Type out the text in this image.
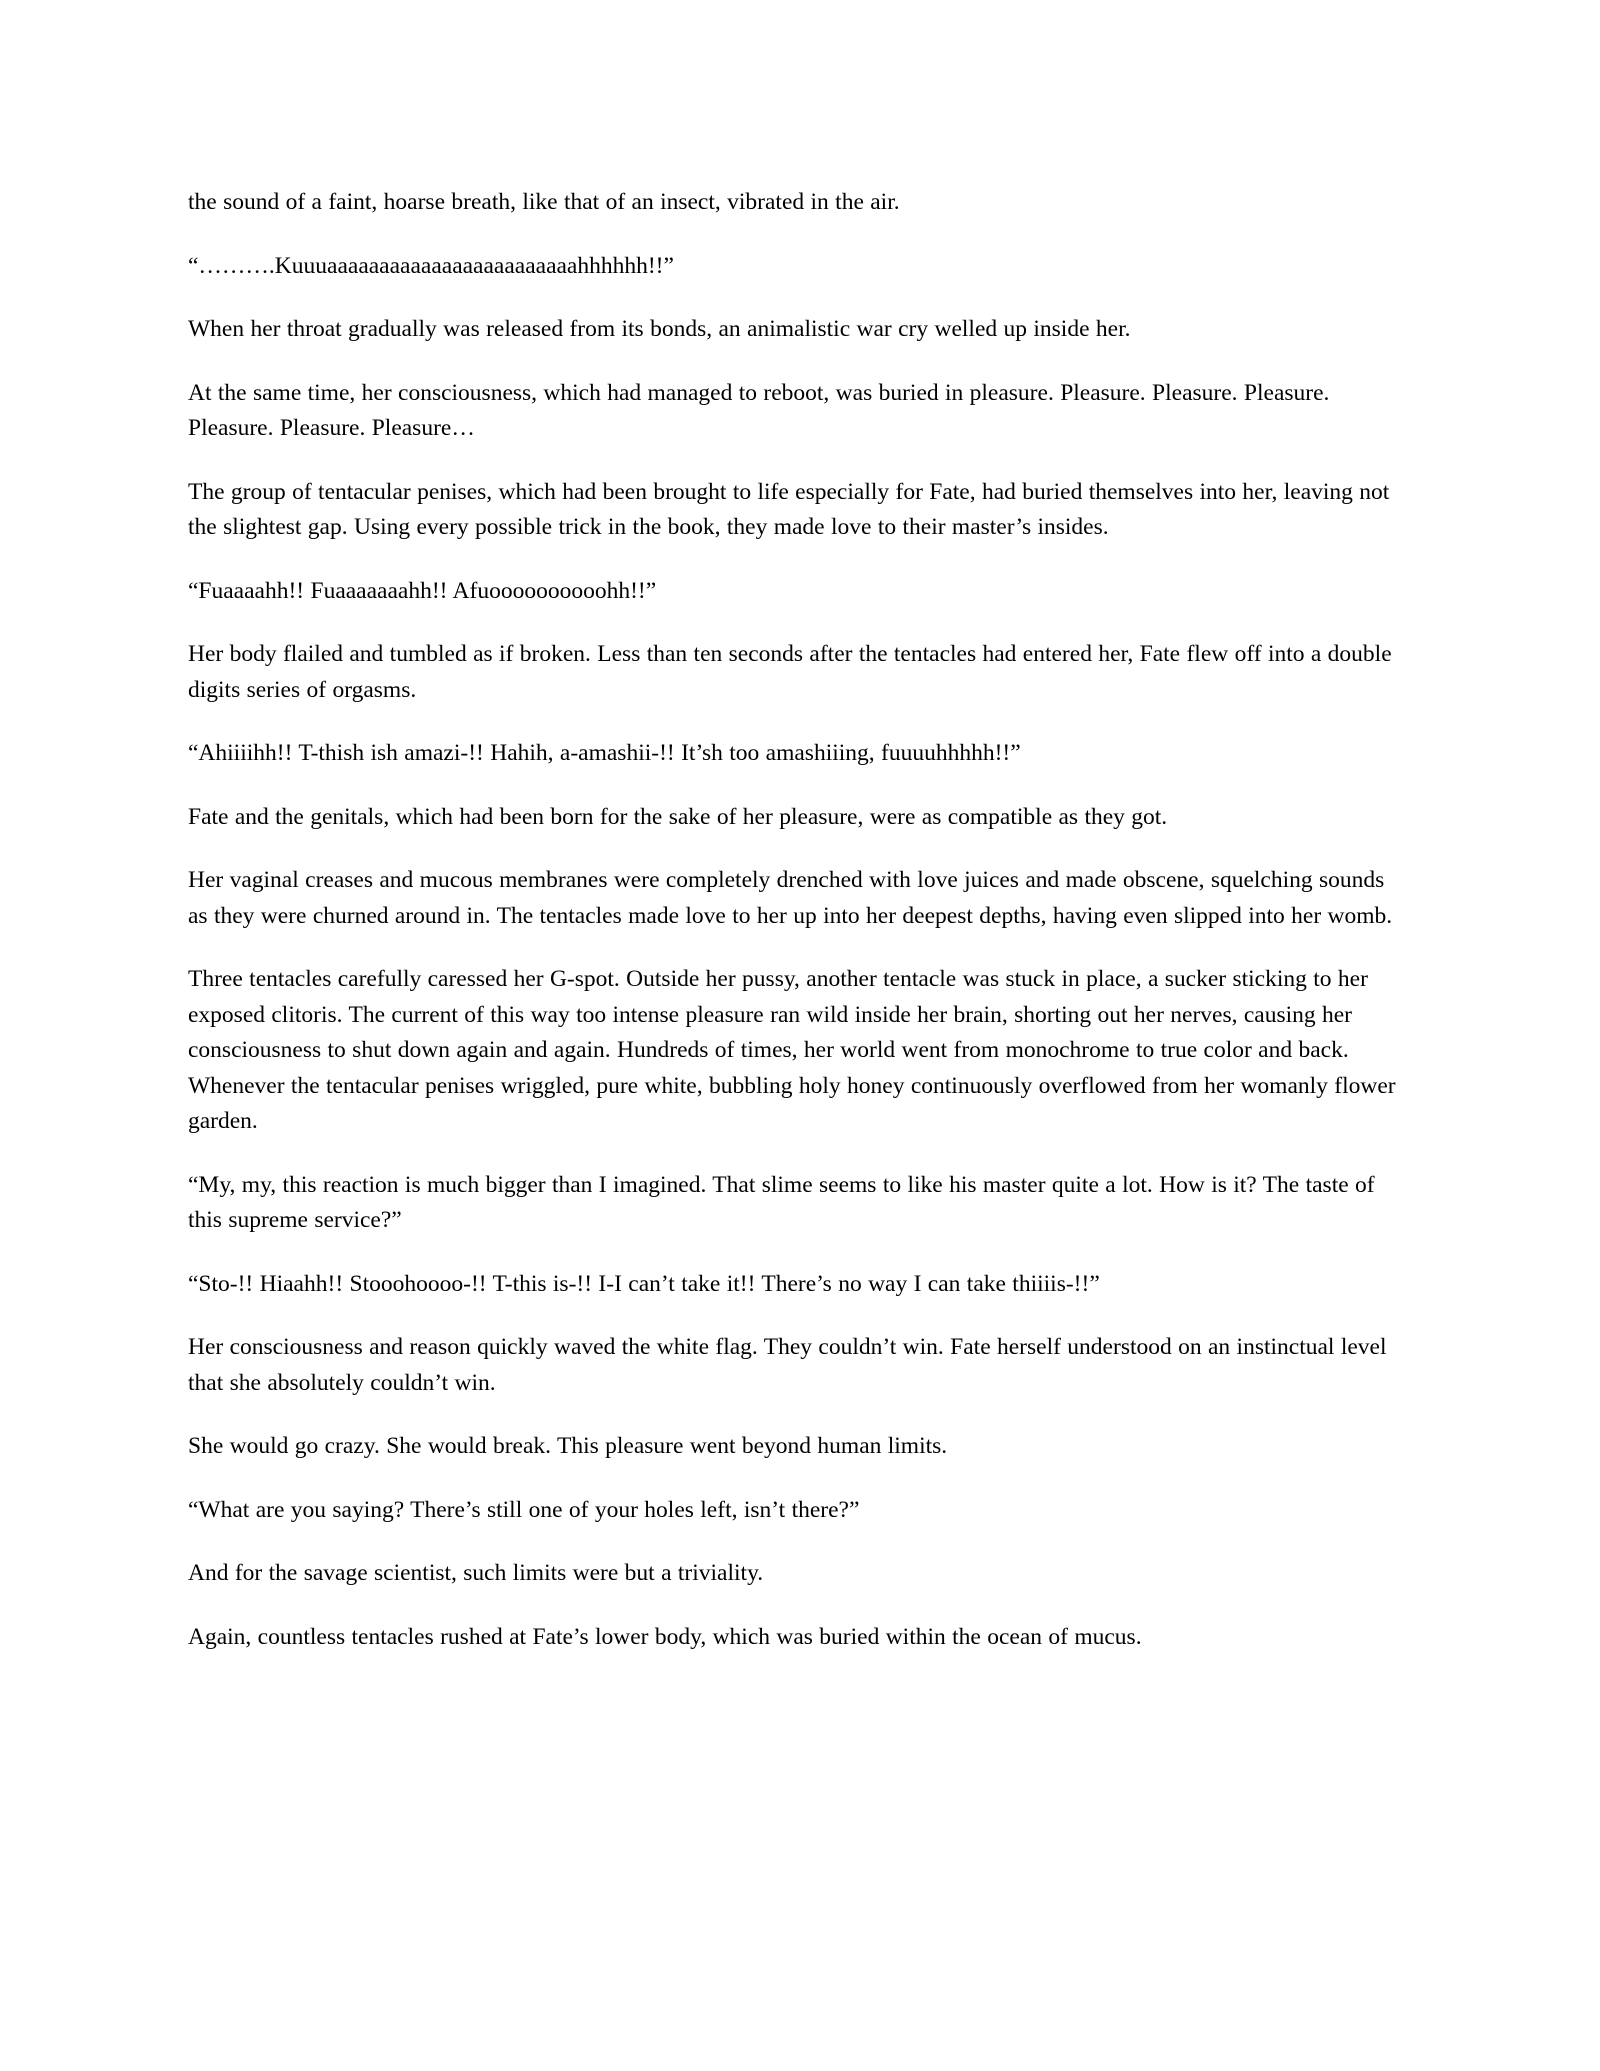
the sound of a faint, hoarse breath, like that of an insect, vibrated in the air.

“……….Kuuuaaaaaaaaaaaaaaaaaaaaaaaahhhhhh!!”

When her throat gradually was released from its bonds, an animalistic war cry welled up inside her.

At the same time, her consciousness, which had managed to reboot, was buried in pleasure. Pleasure. Pleasure. Pleasure. Pleasure. Pleasure. Pleasure…

The group of tentacular penises, which had been brought to life especially for Fate, had buried themselves into her, leaving not the slightest gap. Using every possible trick in the book, they made love to their master’s insides.

“Fuaaaahh!! Fuaaaaaaahh!! Afuoooooooooohh!!”

Her body flailed and tumbled as if broken. Less than ten seconds after the tentacles had entered her, Fate flew off into a double digits series of orgasms.

“Ahiiiihh!! T-thish ish amazi-!! Hahih, a-amashii-!! It’sh too amashiiing, fuuuuhhhhh!!”

Fate and the genitals, which had been born for the sake of her pleasure, were as compatible as they got.

Her vaginal creases and mucous membranes were completely drenched with love juices and made obscene, squelching sounds as they were churned around in. The tentacles made love to her up into her deepest depths, having even slipped into her womb.

Three tentacles carefully caressed her G-spot. Outside her pussy, another tentacle was stuck in place, a sucker sticking to her exposed clitoris. The current of this way too intense pleasure ran wild inside her brain, shorting out her nerves, causing her consciousness to shut down again and again. Hundreds of times, her world went from monochrome to true color and back. Whenever the tentacular penises wriggled, pure white, bubbling holy honey continuously overflowed from her womanly flower garden.

“My, my, this reaction is much bigger than I imagined. That slime seems to like his master quite a lot. How is it? The taste of this supreme service?”

“Sto-!! Hiaahh!! Stooohoooo-!! T-this is-!! I-I can’t take it!! There’s no way I can take thiiiis-!!”

Her consciousness and reason quickly waved the white flag. They couldn’t win. Fate herself understood on an instinctual level that she absolutely couldn’t win.

She would go crazy. She would break. This pleasure went beyond human limits.

“What are you saying? There’s still one of your holes left, isn’t there?”

And for the savage scientist, such limits were but a triviality.

Again, countless tentacles rushed at Fate’s lower body, which was buried within the ocean of mucus.
